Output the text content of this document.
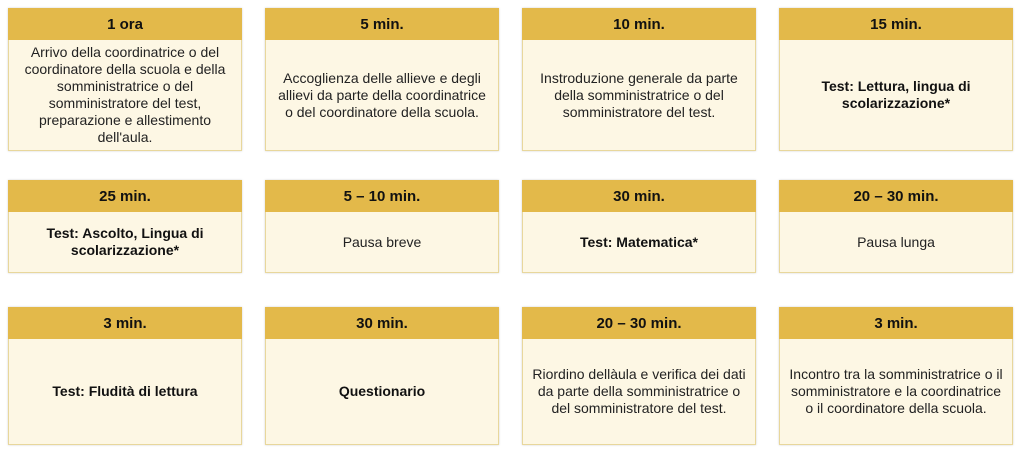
1 ora
Arrivo della coordinatrice o del coordinatore della scuola e della somministratrice o del somministratore del test, preparazione e allestimento dell'aula.
5 min.
Accoglienza delle allieve e degli allievi da parte della coordinatrice o del coordinatore della scuola.
10 min.
Instroduzione generale da parte della somministratrice o del somministratore del test.
15 min.
Test: Lettura, lingua di scolarizzazione*
25 min.
Test: Ascolto, Lingua di scolarizzazione*
5 – 10 min.
Pausa breve
30 min.
Test: Matematica*
20 – 30 min.
Pausa lunga
3 min.
Test: Fludità di lettura
30 min.
Questionario
20 – 30 min.
Riordino dellàula e verifica dei dati da parte della somministratrice o del somministratore del test.
3 min.
Incontro tra la somministratrice o il somministratore e la coordinatrice o il coordinatore della scuola.
